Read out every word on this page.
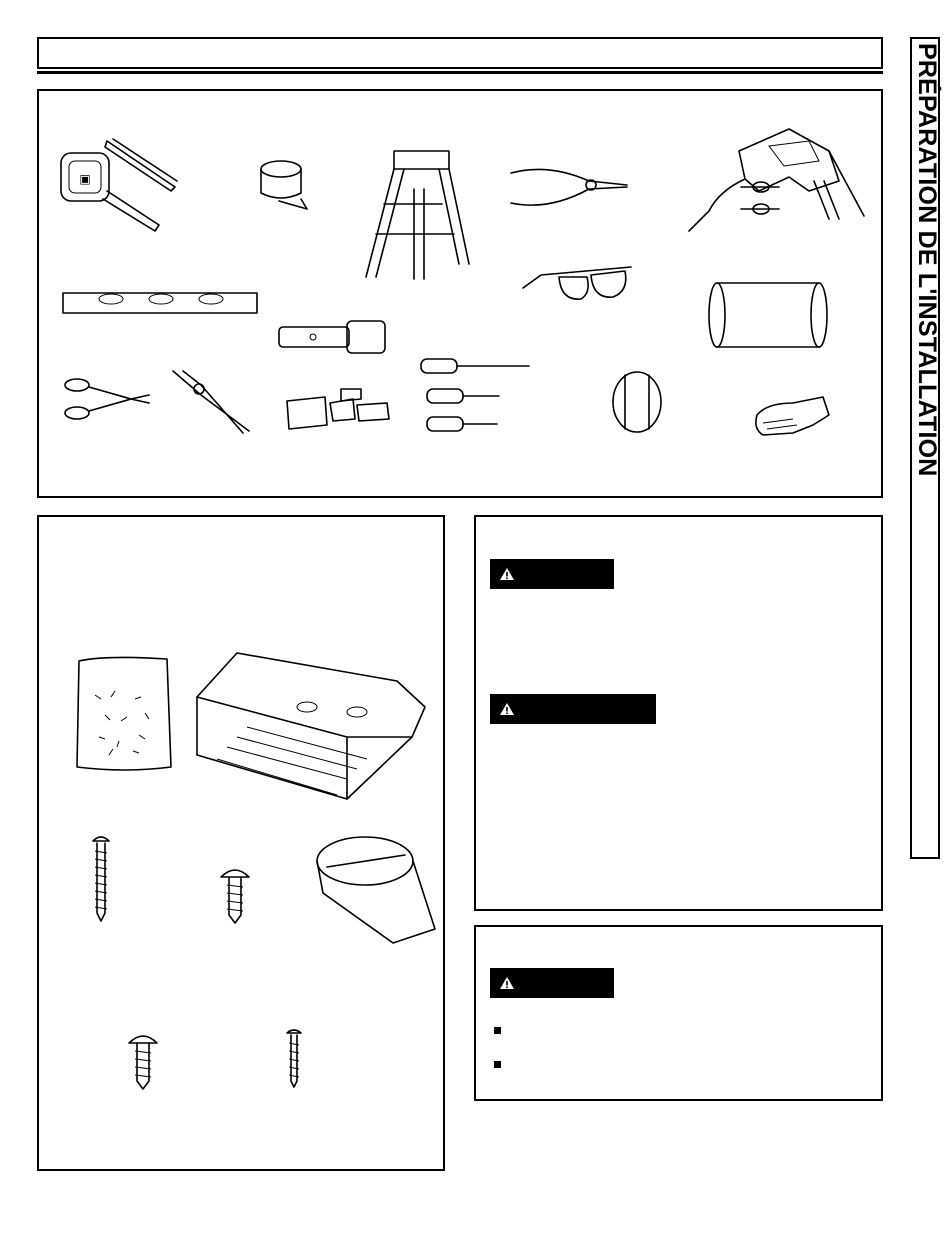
PRÉPARATION DE L'INSTALLATION
▣
